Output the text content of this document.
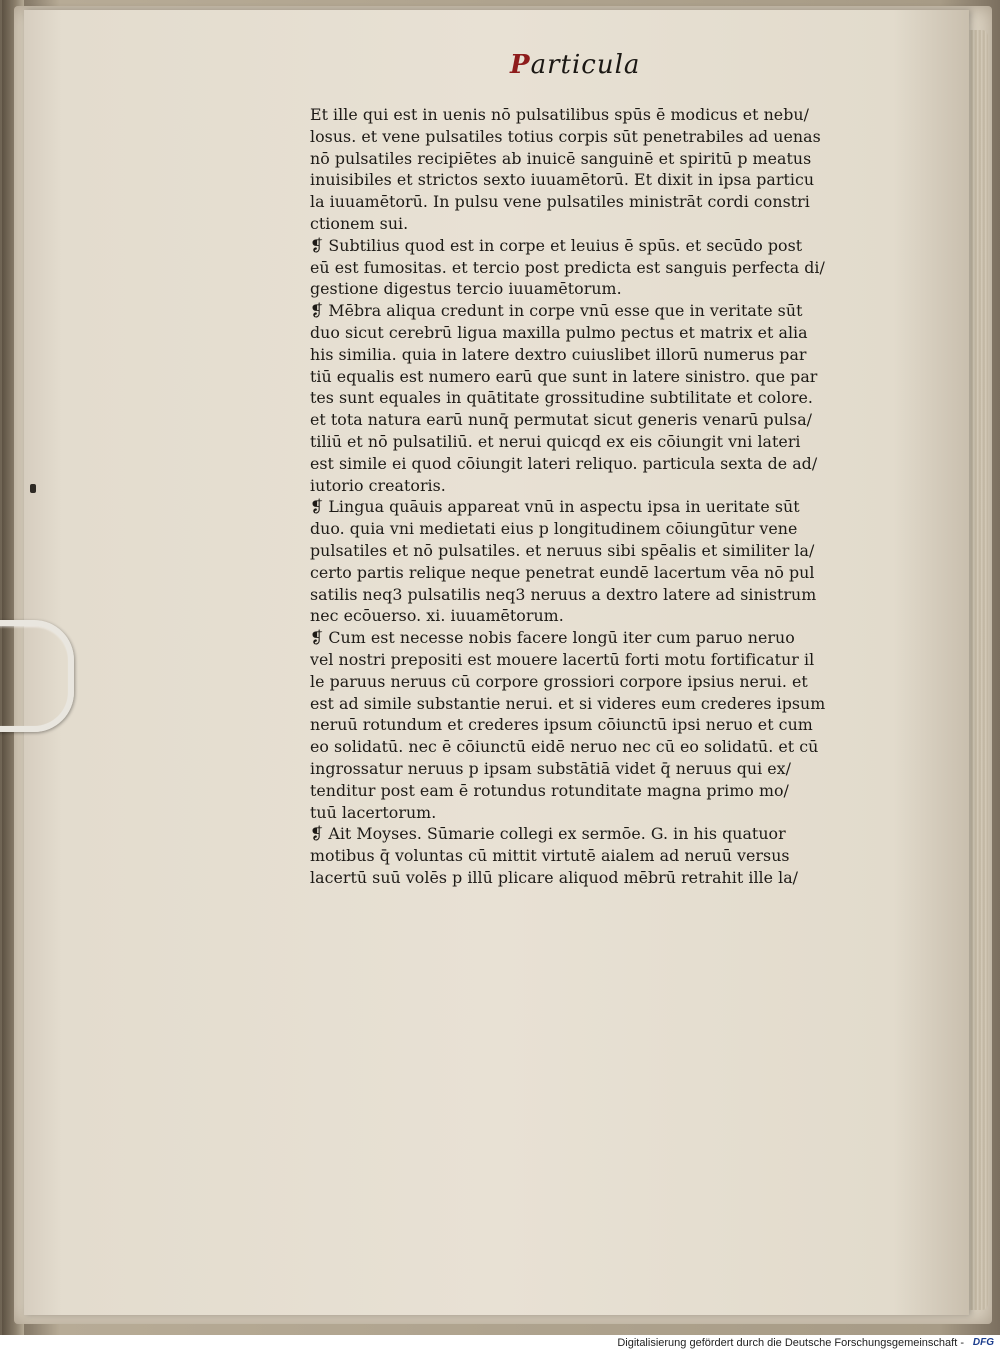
Particula
Et ille qui est in uenis nō pulsatilibus spūs ē modicus et nebu/
losus. et vene pulsatiles totius corpis sūt penetrabiles ad uenas
nō pulsatiles recipiētes ab inuicē sanguinē et spiritū p meatus
inuisibiles et strictos sexto iuuamētorū. Et dixit in ipsa particu
la iuuamētorū. In pulsu vene pulsatiles ministrāt cordi constri
ctionem sui.
❡ Subtilius quod est in corpe et leuius ē spūs. et secūdo post
eū est fumositas. et tercio post predicta est sanguis perfecta di/
gestione digestus tercio iuuamētorum.
❡ Mēbra aliqua credunt in corpe vnū esse que in veritate sūt
duo sicut cerebrū ligua maxilla pulmo pectus et matrix et alia
his similia. quia in latere dextro cuiuslibet illorū numerus par
tiū equalis est numero earū que sunt in latere sinistro. que par
tes sunt equales in quātitate grossitudine subtilitate et colore.
et tota natura earū nunq̄ permutat sicut generis venarū pulsa/
tiliū et nō pulsatiliū. et nerui quicqd ex eis cōiungit vni lateri
est simile ei quod cōiungit lateri reliquo. particula sexta de ad/
iutorio creatoris.
❡ Lingua quāuis appareat vnū in aspectu ipsa in ueritate sūt
duo. quia vni medietati eius p longitudinem cōiungūtur vene
pulsatiles et nō pulsatiles. et neruus sibi spēalis et similiter la/
certo partis relique neque penetrat eundē lacertum vēa nō pul
satilis neq3 pulsatilis neq3 neruus a dextro latere ad sinistrum
nec ecōuerso. xi. iuuamētorum.
❡ Cum est necesse nobis facere longū iter cum paruo neruo
vel nostri prepositi est mouere lacertū forti motu fortificatur il
le paruus neruus cū corpore grossiori corpore ipsius nerui. et
est ad simile substantie nerui. et si videres eum crederes ipsum
neruū rotundum et crederes ipsum cōiunctū ipsi neruo et cum
eo solidatū. nec ē cōiunctū eidē neruo nec cū eo solidatū. et cū
ingrossatur neruus p ipsam substātiā videt q̄ neruus qui ex/
tenditur post eam ē rotundus rotunditate magna primo mo/
tuū lacertorum.
❡ Ait Moyses. Sūmarie collegi ex sermōe. G. in his quatuor
motibus q̄ voluntas cū mittit virtutē aialem ad neruū versus
lacertū suū volēs p illū plicare aliquod mēbrū retrahit ille la/
Digitalisierung gefördert durch die Deutsche Forschungsgemeinschaft - DFG
